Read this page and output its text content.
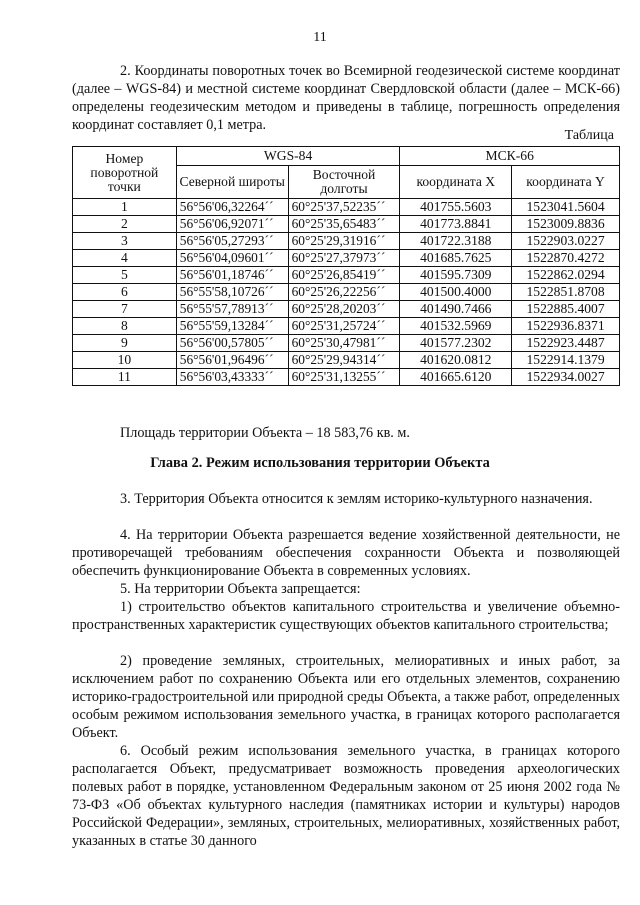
11

2. Координаты поворотных точек во Всемирной геодезической системе координат (далее – WGS-84) и местной системе координат Свердловской области (далее – МСК-66) определены геодезическим методом и приведены в таблице, погрешность определения координат составляет 0,1 метра.

Таблица
Номер поворотной точки	WGS-84		МСК-66	
	Северной широты	Восточной долготы	координата X	координата Y
1	56°56'06,32264´´	60°25'37,52235´´	401755.5603	1523041.5604
2	56°56'06,92071´´	60°25'35,65483´´	401773.8841	1523009.8836
3	56°56'05,27293´´	60°25'29,31916´´	401722.3188	1522903.0227
4	56°56'04,09601´´	60°25'27,37973´´	401685.7625	1522870.4272
5	56°56'01,18746´´	60°25'26,85419´´	401595.7309	1522862.0294
6	56°55'58,10726´´	60°25'26,22256´´	401500.4000	1522851.8708
7	56°55'57,78913´´	60°25'28,20203´´	401490.7466	1522885.4007
8	56°55'59,13284´´	60°25'31,25724´´	401532.5969	1522936.8371
9	56°56'00,57805´´	60°25'30,47981´´	401577.2302	1522923.4487
10	56°56'01,96496´´	60°25'29,94314´´	401620.0812	1522914.1379
11	56°56'03,43333´´	60°25'31,13255´´	401665.6120	1522934.0027

Площадь территории Объекта – 18 583,76 кв. м.

Глава 2. Режим использования территории Объекта

3. Территория Объекта относится к землям историко-культурного назначения.

4. На территории Объекта разрешается ведение хозяйственной деятельности, не противоречащей требованиям обеспечения сохранности Объекта и позволяющей обеспечить функционирование Объекта в современных условиях.

5. На территории Объекта запрещается:

1) строительство объектов капитального строительства и увеличение объемно-пространственных характеристик существующих объектов капитального строительства;

2) проведение земляных, строительных, мелиоративных и иных работ, за исключением работ по сохранению Объекта или его отдельных элементов, сохранению историко-градостроительной или природной среды Объекта, а также работ, определенных особым режимом использования земельного участка, в границах которого располагается Объект.

6. Особый режим использования земельного участка, в границах которого располагается Объект, предусматривает возможность проведения археологических полевых работ в порядке, установленном Федеральным законом от 25 июня 2002 года № 73-ФЗ «Об объектах культурного наследия (памятниках истории и культуры) народов Российской Федерации», земляных, строительных, мелиоративных, хозяйственных работ, указанных в статье 30 данного
